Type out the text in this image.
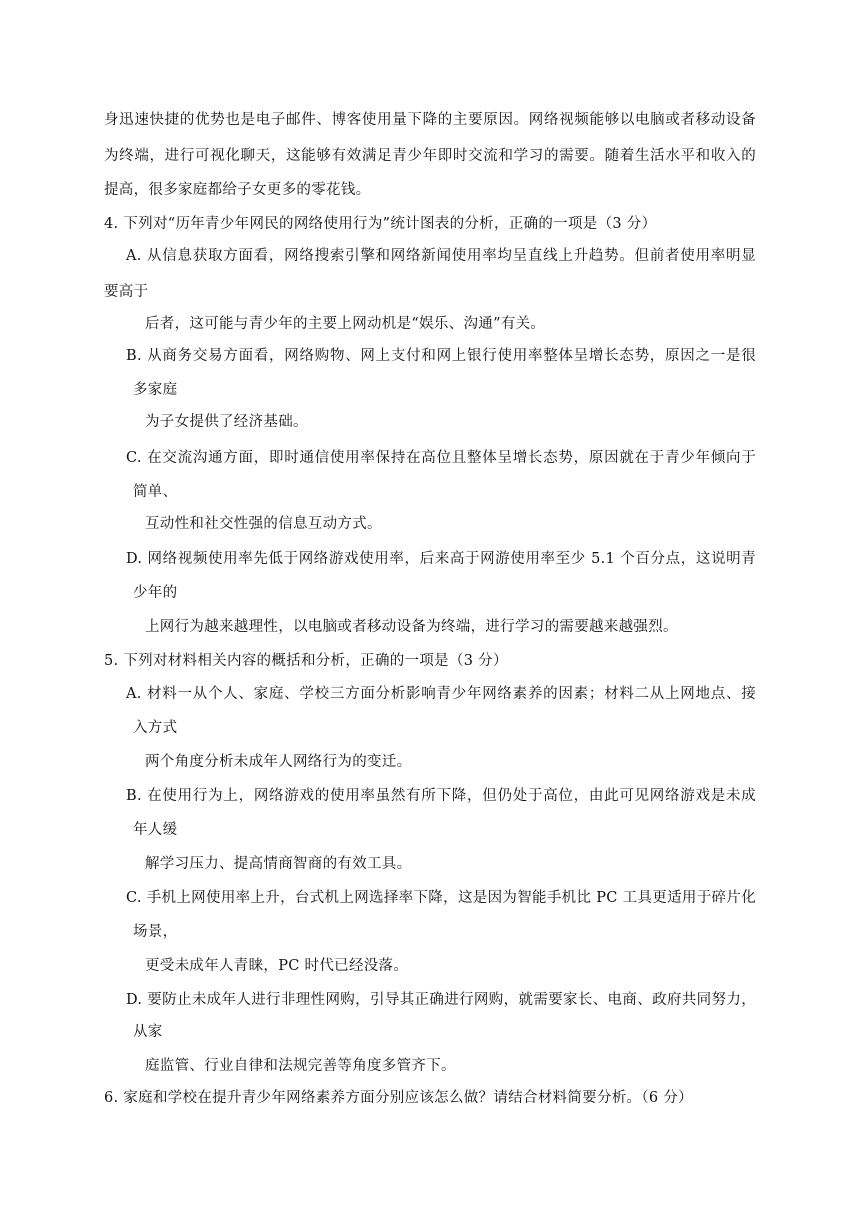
身迅速快捷的优势也是电子邮件、博客使用量下降的主要原因。网络视频能够以电脑或者移动设备
为终端，进行可视化聊天，这能够有效满足青少年即时交流和学习的需要。随着生活水平和收入的
提高，很多家庭都给子女更多的零花钱。
4. 下列对“历年青少年网民的网络使用行为”统计图表的分析，正确的一项是（3 分）
A. 从信息获取方面看，网络搜索引擎和网络新闻使用率均呈直线上升趋势。但前者使用率明显
要高于
后者，这可能与青少年的主要上网动机是“娱乐、沟通”有关。
B. 从商务交易方面看，网络购物、网上支付和网上银行使用率整体呈增长态势，原因之一是很
多家庭
为子女提供了经济基础。
C. 在交流沟通方面，即时通信使用率保持在高位且整体呈增长态势，原因就在于青少年倾向于
简单、
互动性和社交性强的信息互动方式。
D. 网络视频使用率先低于网络游戏使用率，后来高于网游使用率至少 5.1 个百分点，这说明青
少年的
上网行为越来越理性，以电脑或者移动设备为终端，进行学习的需要越来越强烈。
5. 下列对材料相关内容的概括和分析，正确的一项是（3 分）
A. 材料一从个人、家庭、学校三方面分析影响青少年网络素养的因素；材料二从上网地点、接
入方式
两个角度分析未成年人网络行为的变迁。
B. 在使用行为上，网络游戏的使用率虽然有所下降，但仍处于高位，由此可见网络游戏是未成
年人缓
解学习压力、提高情商智商的有效工具。
C. 手机上网使用率上升，台式机上网选择率下降，这是因为智能手机比 PC 工具更适用于碎片化
场景，
更受未成年人青睐，PC 时代已经没落。
D. 要防止未成年人进行非理性网购，引导其正确进行网购，就需要家长、电商、政府共同努力，
从家
庭监管、行业自律和法规完善等角度多管齐下。
6. 家庭和学校在提升青少年网络素养方面分别应该怎么做？请结合材料简要分析。（6 分）
